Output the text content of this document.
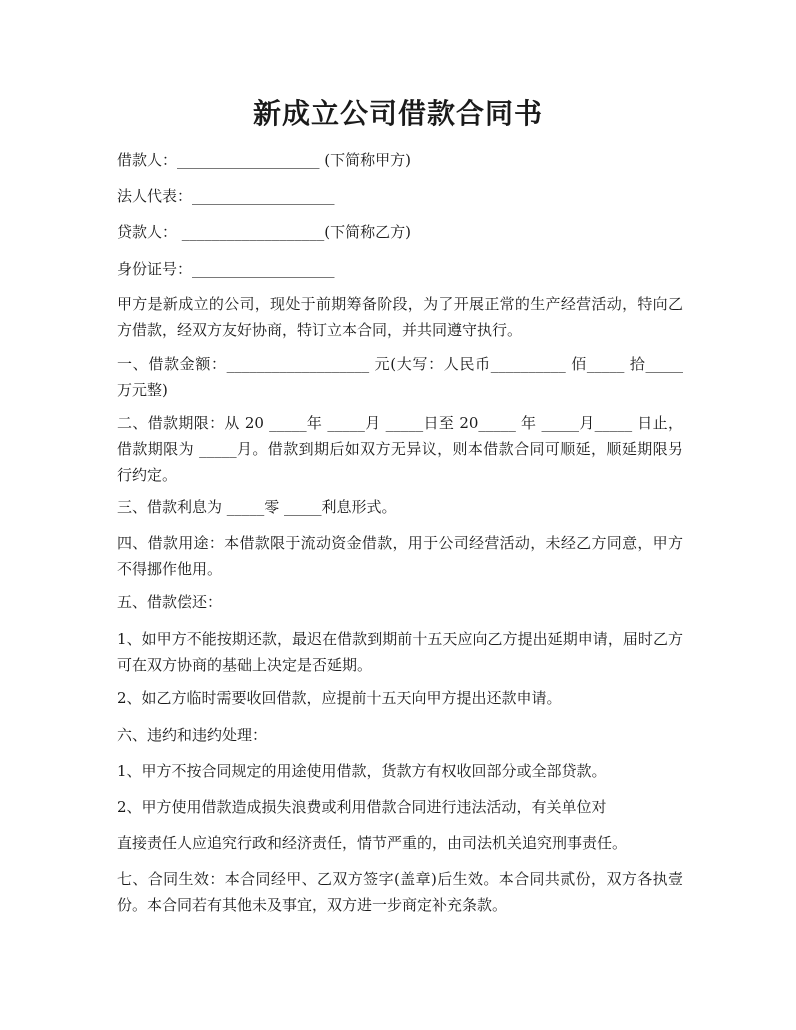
新成立公司借款合同书
借款人：___________________ (下简称甲方)
法人代表：___________________
贷款人： ___________________(下简称乙方)
身份证号：___________________
甲方是新成立的公司，现处于前期筹备阶段，为了开展正常的生产经营活动，特向乙方借款，经双方友好协商，特订立本合同，并共同遵守执行。
一、借款金额：___________________ 元(大写：人民币__________ 佰_____ 拾_____万元整)
二、借款期限：从 20 _____年 _____月 _____日至 20_____ 年 _____月_____ 日止，借款期限为 _____月。借款到期后如双方无异议，则本借款合同可顺延，顺延期限另行约定。
三、借款利息为 _____零 _____利息形式。
四、借款用途：本借款限于流动资金借款，用于公司经营活动，未经乙方同意，甲方不得挪作他用。
五、借款偿还：
1、如甲方不能按期还款，最迟在借款到期前十五天应向乙方提出延期申请，届时乙方可在双方协商的基础上决定是否延期。
2、如乙方临时需要收回借款，应提前十五天向甲方提出还款申请。
六、违约和违约处理：
1、甲方不按合同规定的用途使用借款，货款方有权收回部分或全部贷款。
2、甲方使用借款造成损失浪费或利用借款合同进行违法活动，有关单位对
直接责任人应追究行政和经济责任，情节严重的，由司法机关追究刑事责任。
七、合同生效：本合同经甲、乙双方签字(盖章)后生效。本合同共贰份，双方各执壹份。本合同若有其他未及事宜，双方进一步商定补充条款。
